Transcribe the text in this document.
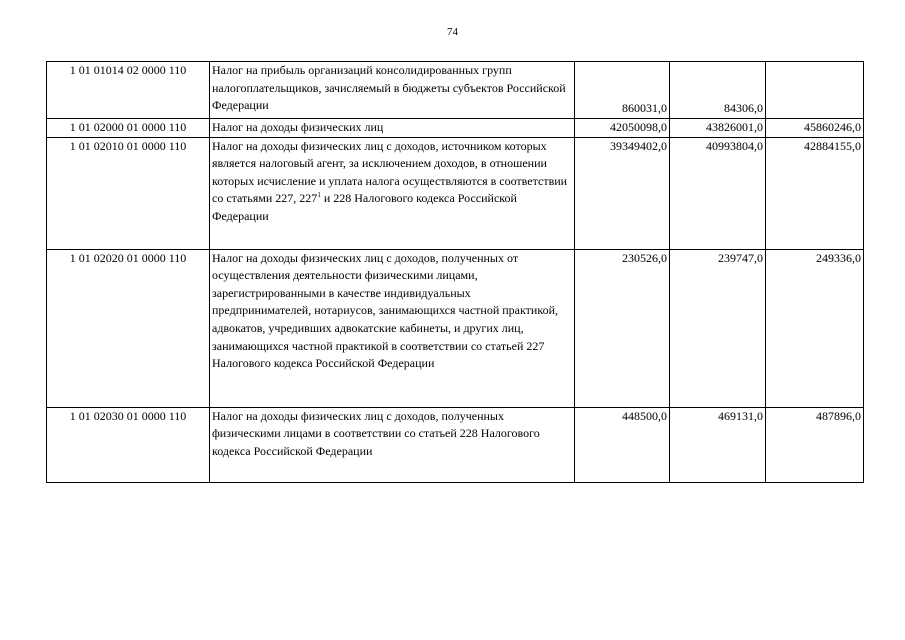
74
1 01 01014 02 0000 110	Налог на прибыль организаций консолидированных групп налогоплательщиков, зачисляемый в бюджеты субъектов Российской Федерации	860031,0	84306,0	
1 01 02000 01 0000 110	Налог на доходы физических лиц	42050098,0	43826001,0	45860246,0
1 01 02010 01 0000 110	Налог на доходы физических лиц с доходов, источником которых является налоговый агент, за исключением доходов, в отношении которых исчисление и уплата налога осуществляются в соответствии со статьями 227, $227^1$ и 228 Налогового кодекса Российской Федерации	39349402,0	40993804,0	42884155,0
1 01 02020 01 0000 110	Налог на доходы физических лиц с доходов, полученных от осуществления деятельности физическими лицами, зарегистрированными в качестве индивидуальных предпринимателей, нотариусов, занимающихся частной практикой, адвокатов, учредивших адвокатские кабинеты, и других лиц, занимающихся частной практикой в соответствии со статьей 227 Налогового кодекса Российской Федерации	230526,0	239747,0	249336,0
1 01 02030 01 0000 110	Налог на доходы физических лиц с доходов, полученных физическими лицами в соответствии со статьей 228 Налогового кодекса Российской Федерации	448500,0	469131,0	487896,0
